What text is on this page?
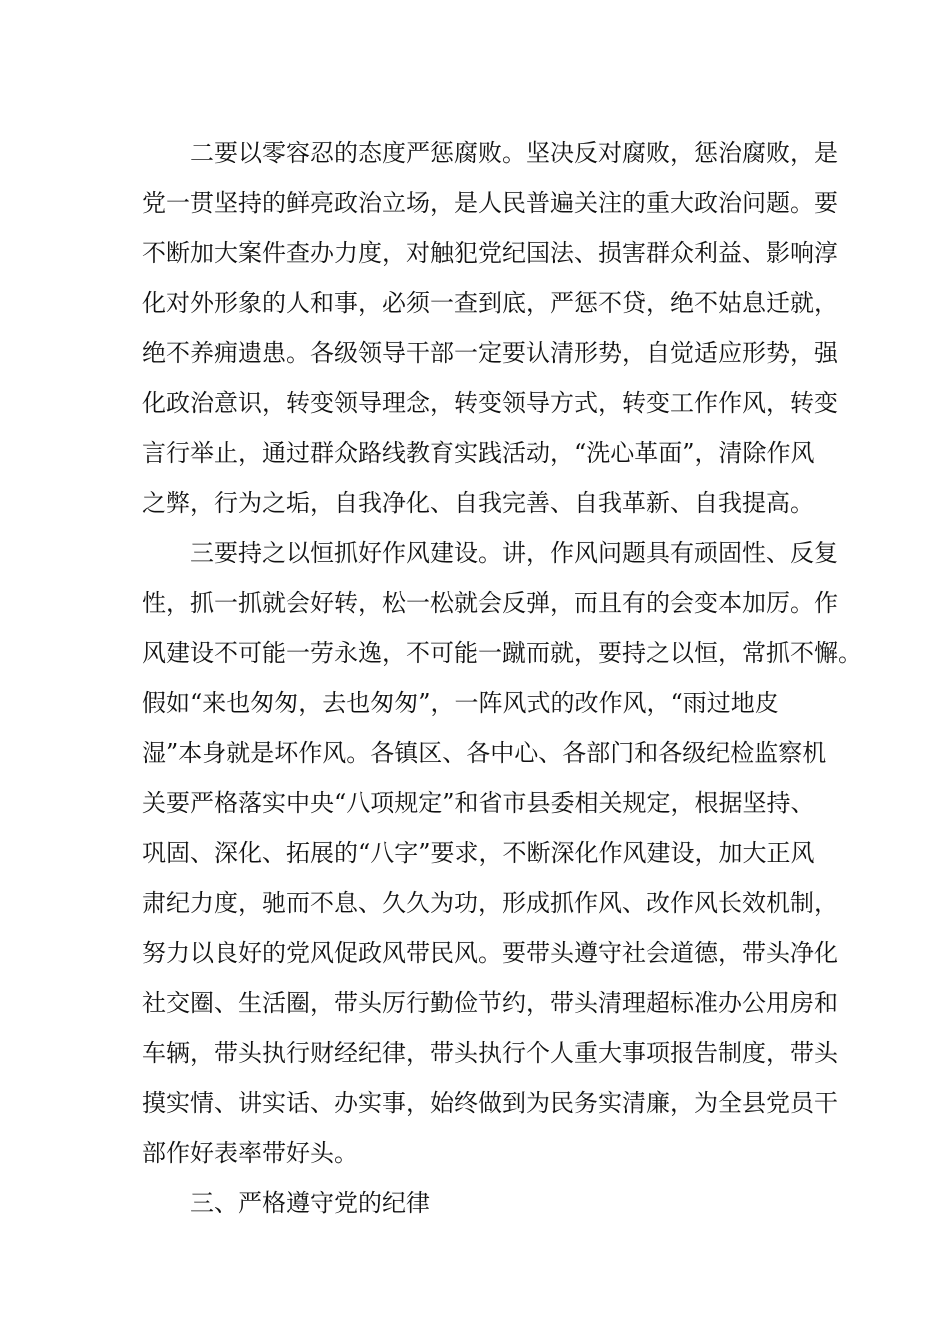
　　二要以零容忍的态度严惩腐败。坚决反对腐败，惩治腐败，是
党一贯坚持的鲜亮政治立场，是人民普遍关注的重大政治问题。要
不断加大案件查办力度，对触犯党纪国法、损害群众利益、影响淳
化对外形象的人和事，必须一查到底，严惩不贷，绝不姑息迁就，
绝不养痈遗患。各级领导干部一定要认清形势，自觉适应形势，强
化政治意识，转变领导理念，转变领导方式，转变工作作风，转变
言行举止，通过群众路线教育实践活动，“洗心革面”，清除作风
之弊，行为之垢，自我净化、自我完善、自我革新、自我提高。
　　三要持之以恒抓好作风建设。讲，作风问题具有顽固性、反复
性，抓一抓就会好转，松一松就会反弹，而且有的会变本加厉。作
风建设不可能一劳永逸，不可能一蹴而就，要持之以恒，常抓不懈。
假如“来也匆匆，去也匆匆”，一阵风式的改作风，“雨过地皮
湿”本身就是坏作风。各镇区、各中心、各部门和各级纪检监察机
关要严格落实中央“八项规定”和省市县委相关规定，根据坚持、
巩固、深化、拓展的“八字”要求，不断深化作风建设，加大正风
肃纪力度，驰而不息、久久为功，形成抓作风、改作风长效机制，
努力以良好的党风促政风带民风。要带头遵守社会道德，带头净化
社交圈、生活圈，带头厉行勤俭节约，带头清理超标准办公用房和
车辆，带头执行财经纪律，带头执行个人重大事项报告制度，带头
摸实情、讲实话、办实事，始终做到为民务实清廉，为全县党员干
部作好表率带好头。
　　三、严格遵守党的纪律
